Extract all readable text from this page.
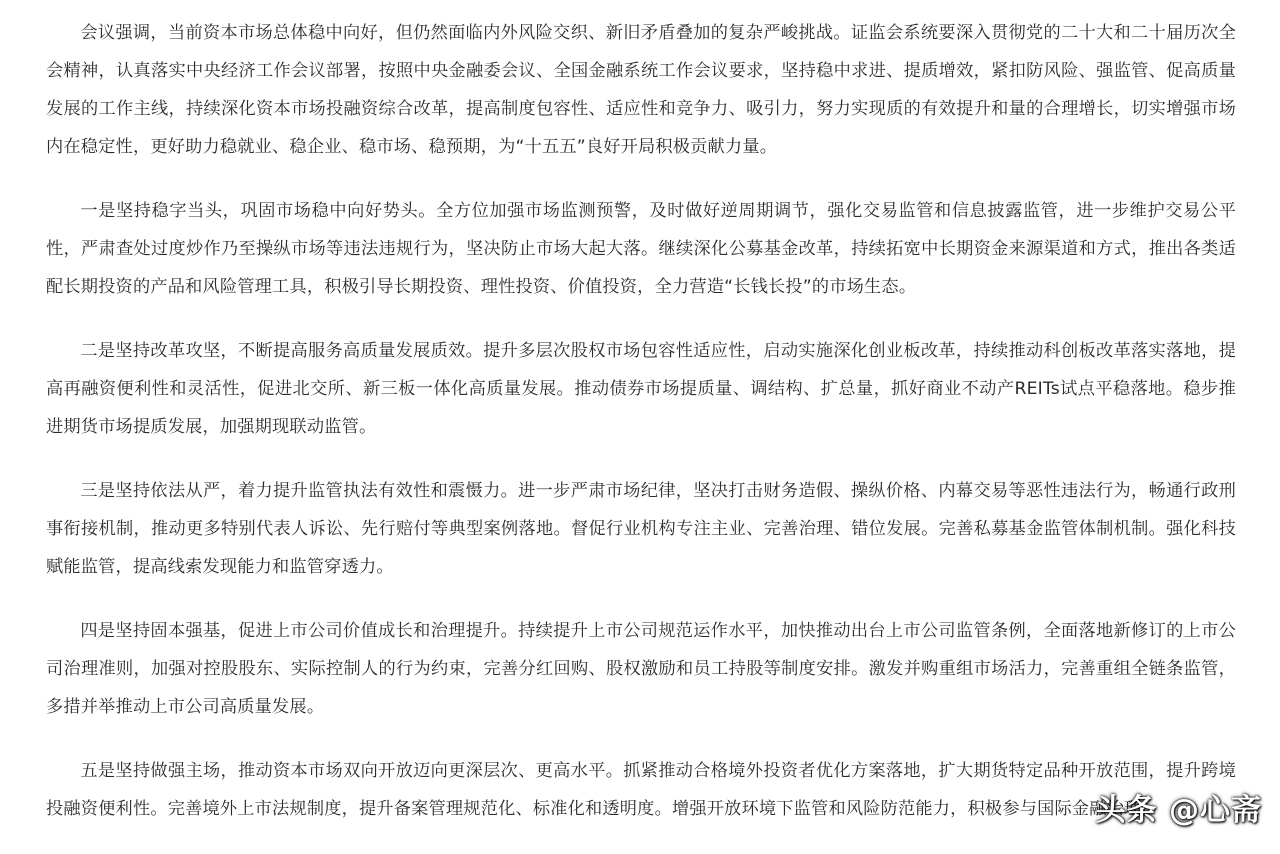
会议强调，当前资本市场总体稳中向好，但仍然面临内外风险交织、新旧矛盾叠加的复杂严峻挑战。证监会系统要深入贯彻党的二十大和二十届历次全会精神，认真落实中央经济工作会议部署，按照中央金融委会议、全国金融系统工作会议要求，坚持稳中求进、提质增效，紧扣防风险、强监管、促高质量发展的工作主线，持续深化资本市场投融资综合改革，提高制度包容性、适应性和竞争力、吸引力，努力实现质的有效提升和量的合理增长，切实增强市场内在稳定性，更好助力稳就业、稳企业、稳市场、稳预期，为“十五五”良好开局积极贡献力量。

一是坚持稳字当头，巩固市场稳中向好势头。全方位加强市场监测预警，及时做好逆周期调节，强化交易监管和信息披露监管，进一步维护交易公平性，严肃查处过度炒作乃至操纵市场等违法违规行为，坚决防止市场大起大落。继续深化公募基金改革，持续拓宽中长期资金来源渠道和方式，推出各类适配长期投资的产品和风险管理工具，积极引导长期投资、理性投资、价值投资，全力营造“长钱长投”的市场生态。

二是坚持改革攻坚，不断提高服务高质量发展质效。提升多层次股权市场包容性适应性，启动实施深化创业板改革，持续推动科创板改革落实落地，提高再融资便利性和灵活性，促进北交所、新三板一体化高质量发展。推动债券市场提质量、调结构、扩总量，抓好商业不动产REITs试点平稳落地。稳步推进期货市场提质发展，加强期现联动监管。

三是坚持依法从严，着力提升监管执法有效性和震慑力。进一步严肃市场纪律，坚决打击财务造假、操纵价格、内幕交易等恶性违法行为，畅通行政刑事衔接机制，推动更多特别代表人诉讼、先行赔付等典型案例落地。督促行业机构专注主业、完善治理、错位发展。完善私募基金监管体制机制。强化科技赋能监管，提高线索发现能力和监管穿透力。

四是坚持固本强基，促进上市公司价值成长和治理提升。持续提升上市公司规范运作水平，加快推动出台上市公司监管条例，全面落地新修订的上市公司治理准则，加强对控股股东、实际控制人的行为约束，完善分红回购、股权激励和员工持股等制度安排。激发并购重组市场活力，完善重组全链条监管，多措并举推动上市公司高质量发展。

五是坚持做强主场，推动资本市场双向开放迈向更深层次、更高水平。抓紧推动合格境外投资者优化方案落地，扩大期货特定品种开放范围，提升跨境投融资便利性。完善境外上市法规制度，提升备案管理规范化、标准化和透明度。增强开放环境下监管和风险防范能力，积极参与国际金融治理。

头条 @心斋
